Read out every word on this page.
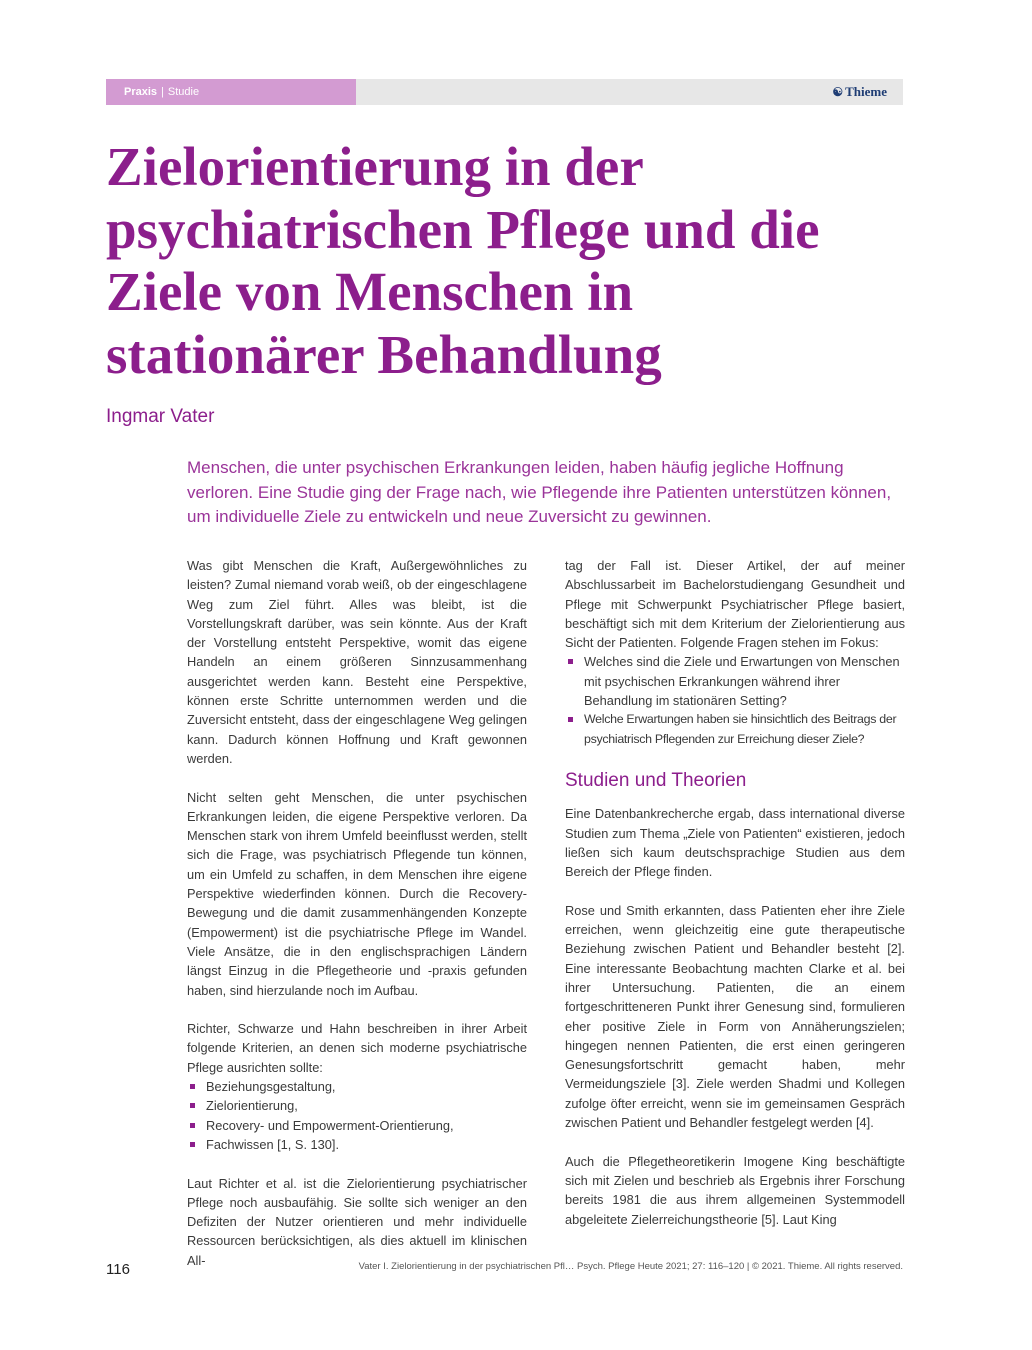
Praxis | Studie	☯ Thieme
Zielorientierung in der psychiatrischen Pflege und die Ziele von Menschen in stationärer Behandlung
Ingmar Vater

Menschen, die unter psychischen Erkrankungen leiden, haben häufig jegliche Hoffnung verloren. Eine Studie ging der Frage nach, wie Pflegende ihre Patienten unterstützen können, um individuelle Ziele zu entwickeln und neue Zuversicht zu gewinnen.

Was gibt Menschen die Kraft, Außergewöhnliches zu leisten? Zumal niemand vorab weiß, ob der eingeschlagene Weg zum Ziel führt. Alles was bleibt, ist die Vorstellungskraft darüber, was sein könnte. Aus der Kraft der Vorstellung entsteht Perspektive, womit das eigene Handeln an einem größeren Sinnzusammenhang ausgerichtet werden kann. Besteht eine Perspektive, können erste Schritte unternommen werden und die Zuversicht entsteht, dass der eingeschlagene Weg gelingen kann. Dadurch können Hoffnung und Kraft gewonnen werden.

Nicht selten geht Menschen, die unter psychischen Erkrankungen leiden, die eigene Perspektive verloren. Da Menschen stark von ihrem Umfeld beeinflusst werden, stellt sich die Frage, was psychiatrisch Pflegende tun können, um ein Umfeld zu schaffen, in dem Menschen ihre eigene Perspektive wiederfinden können. Durch die Recovery-Bewegung und die damit zusammenhängenden Konzepte (Empowerment) ist die psychiatrische Pflege im Wandel. Viele Ansätze, die in den englischsprachigen Ländern längst Einzug in die Pflegetheorie und -praxis gefunden haben, sind hierzulande noch im Aufbau.

Richter, Schwarze und Hahn beschreiben in ihrer Arbeit folgende Kriterien, an denen sich moderne psychiatrische Pflege ausrichten sollte:

Beziehungsgestaltung,
Zielorientierung,
Recovery- und Empowerment-Orientierung,
Fachwissen [1, S. 130].

Laut Richter et al. ist die Zielorientierung psychiatrischer Pflege noch ausbaufähig. Sie sollte sich weniger an den Defiziten der Nutzer orientieren und mehr individuelle Ressourcen berücksichtigen, als dies aktuell im klinischen All-

tag der Fall ist. Dieser Artikel, der auf meiner Abschlussarbeit im Bachelorstudiengang Gesundheit und Pflege mit Schwerpunkt Psychiatrischer Pflege basiert, beschäftigt sich mit dem Kriterium der Zielorientierung aus Sicht der Patienten. Folgende Fragen stehen im Fokus:

Welches sind die Ziele und Erwartungen von Menschen mit psychischen Erkrankungen während ihrer Behandlung im stationären Setting?
Welche Erwartungen haben sie hinsichtlich des Beitrags der psychiatrisch Pflegenden zur Erreichung dieser Ziele?
Studien und Theorien

Eine Datenbankrecherche ergab, dass international diverse Studien zum Thema „Ziele von Patienten“ existieren, jedoch ließen sich kaum deutschsprachige Studien aus dem Bereich der Pflege finden.

Rose und Smith erkannten, dass Patienten eher ihre Ziele erreichen, wenn gleichzeitig eine gute therapeutische Beziehung zwischen Patient und Behandler besteht [2]. Eine interessante Beobachtung machten Clarke et al. bei ihrer Untersuchung. Patienten, die an einem fortgeschritteneren Punkt ihrer Genesung sind, formulieren eher positive Ziele in Form von Annäherungszielen; hingegen nennen Patienten, die erst einen geringeren Genesungsfortschritt gemacht haben, mehr Vermeidungsziele [3]. Ziele werden Shadmi und Kollegen zufolge öfter erreicht, wenn sie im gemeinsamen Gespräch zwischen Patient und Behandler festgelegt werden [4].

Auch die Pflegetheoretikerin Imogene King beschäftigte sich mit Zielen und beschrieb als Ergebnis ihrer Forschung bereits 1981 die aus ihrem allgemeinen Systemmodell abgeleitete Zielerreichungstheorie [5]. Laut King

116	Vater I. Zielorientierung in der psychiatrischen Pfl… Psych. Pflege Heute 2021; 27: 116–120 | © 2021. Thieme. All rights reserved.
